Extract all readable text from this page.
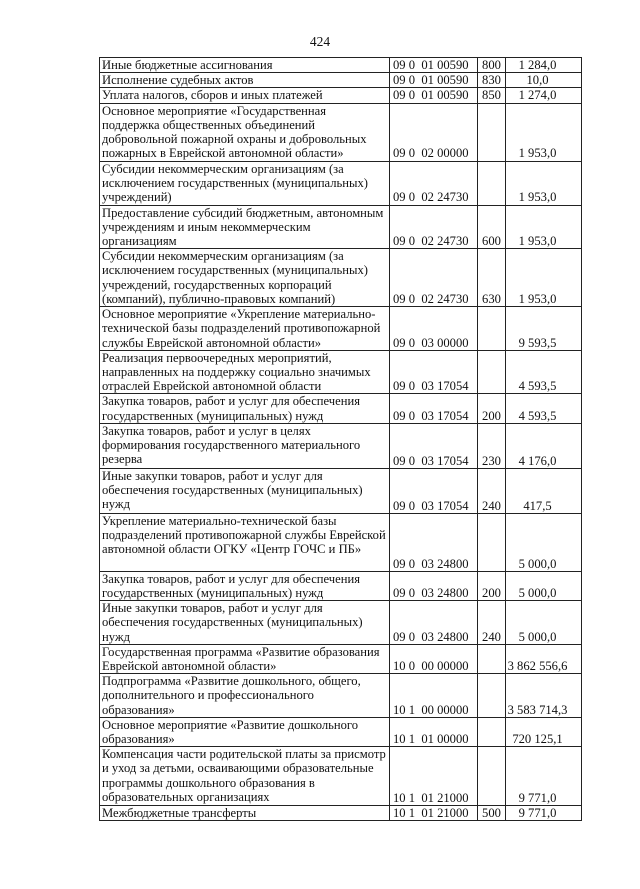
424
Иные бюджетные ассигнования	09 0  01 00590	800	1 284,0
Исполнение судебных актов	09 0  01 00590	830	10,0
Уплата налогов, сборов и иных платежей	09 0  01 00590	850	1 274,0
Основное мероприятие «Государственная поддержка общественных объединений добровольной пожарной охраны и добровольных пожарных в Еврейской автономной области»	09 0  02 00000		1 953,0
Субсидии некоммерческим организациям (за исключением государственных (муниципальных) учреждений)	09 0  02 24730		1 953,0
Предоставление субсидий бюджетным, автономным учреждениям и иным некоммерческим организациям	09 0  02 24730	600	1 953,0
Субсидии некоммерческим организациям (за исключением государственных (муниципальных) учреждений, государственных корпораций (компаний), публично-правовых компаний)	09 0  02 24730	630	1 953,0
Основное мероприятие «Укрепление материально-технической базы подразделений противопожарной службы Еврейской автономной области»	09 0  03 00000		9 593,5
Реализация первоочередных мероприятий, направленных на поддержку социально значимых отраслей Еврейской автономной области	09 0  03 17054		4 593,5
Закупка товаров, работ и услуг для обеспечения государственных (муниципальных) нужд	09 0  03 17054	200	4 593,5
Закупка товаров, работ и услуг в целях формирования государственного материального резерва	09 0  03 17054	230	4 176,0
Иные закупки товаров, работ и услуг для обеспечения государственных (муниципальных) нужд	09 0  03 17054	240	417,5
Укрепление материально-технической базы подразделений противопожарной службы Еврейской автономной области ОГКУ «Центр ГОЧС и ПБ»	09 0  03 24800		5 000,0
Закупка товаров, работ и услуг для обеспечения государственных (муниципальных) нужд	09 0  03 24800	200	5 000,0
Иные закупки товаров, работ и услуг для обеспечения государственных (муниципальных) нужд	09 0  03 24800	240	5 000,0
Государственная программа «Развитие образования Еврейской автономной области»	10 0  00 00000		3 862 556,6
Подпрограмма «Развитие дошкольного, общего, дополнительного и профессионального образования»	10 1  00 00000		3 583 714,3
Основное мероприятие «Развитие дошкольного образования»	10 1  01 00000		720 125,1
Компенсация части родительской платы за присмотр и уход за детьми, осваивающими образовательные программы дошкольного образования в образовательных организациях	10 1  01 21000		9 771,0
Межбюджетные трансферты	10 1  01 21000	500	9 771,0
